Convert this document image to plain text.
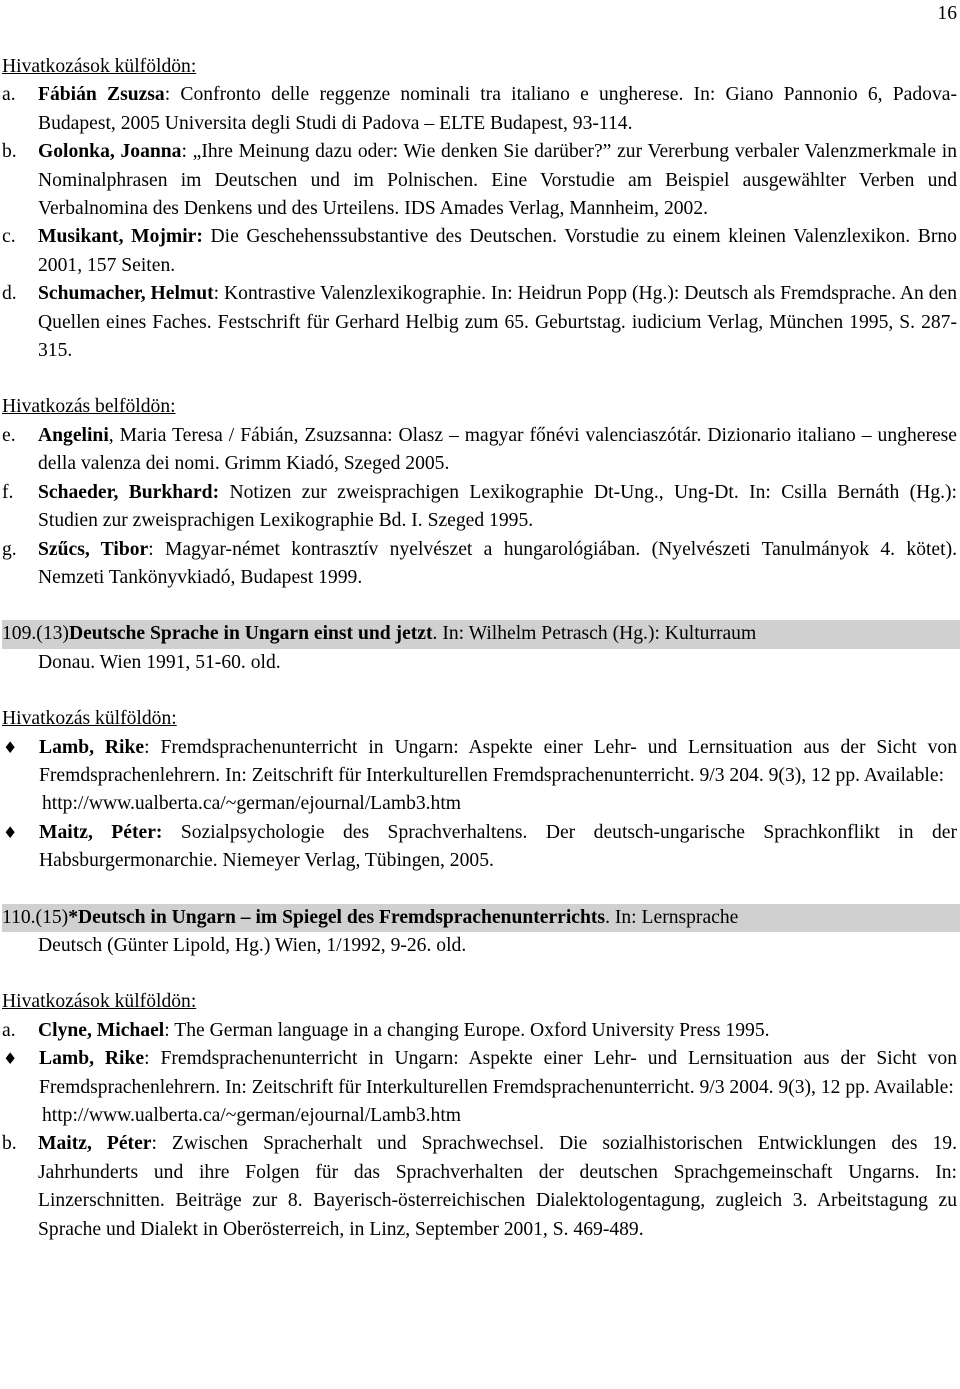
16
Hivatkozások külföldön:
a.	Fábián Zsuzsa: Confronto delle reggenze nominali tra italiano e ungherese. In: Giano Pannonio 6, Padova-Budapest, 2005 Universita degli Studi di Padova – ELTE Budapest, 93-114.
b.	Golonka, Joanna: „Ihre Meinung dazu oder: Wie denken Sie darüber?” zur Vererbung verbaler Valenzmerkmale in Nominalphrasen im Deutschen und im Polnischen. Eine Vorstudie am Beispiel ausgewählter Verben und Verbalnomina des Denkens und des Urteilens. IDS Amades Verlag, Mannheim, 2002.
c.	Musikant, Mojmir: Die Geschehenssubstantive des Deutschen. Vorstudie zu einem kleinen Valenzlexikon. Brno 2001, 157 Seiten.
d.	Schumacher, Helmut: Kontrastive Valenzlexikographie. In: Heidrun Popp (Hg.): Deutsch als Fremdsprache. An den Quellen eines Faches. Festschrift für Gerhard Helbig zum 65. Geburtstag. iudicium Verlag, München 1995, S. 287-315.
Hivatkozás belföldön:
e.	Angelini, Maria Teresa / Fábián, Zsuzsanna: Olasz – magyar főnévi valenciaszótár. Dizionario italiano – ungherese della valenza dei nomi. Grimm Kiadó, Szeged 2005.
f.	Schaeder, Burkhard: Notizen zur zweisprachigen Lexikographie Dt-Ung., Ung-Dt. In: Csilla Bernáth (Hg.): Studien zur zweisprachigen Lexikographie Bd. I. Szeged 1995.
g.	Szűcs, Tibor: Magyar-német kontrasztív nyelvészet a hungarológiában. (Nyelvészeti Tanulmányok 4. kötet). Nemzeti Tankönyvkiadó, Budapest 1999.
109.(13) Deutsche Sprache in Ungarn einst und jetzt. In: Wilhelm Petrasch (Hg.): Kulturraum
Donau. Wien 1991, 51-60. old.
Hivatkozás külföldön:
♦	Lamb, Rike: Fremdsprachenunterricht in Ungarn: Aspekte einer Lehr- und Lernsituation aus der Sicht von Fremdsprachenlehrern. In: Zeitschrift für Interkulturellen Fremdsprachenunterricht. 9/3 204. 9(3), 12 pp. Available:
http://www.ualberta.ca/~german/ejournal/Lamb3.htm
♦	Maitz, Péter: Sozialpsychologie des Sprachverhaltens. Der deutsch-ungarische Sprachkonflikt in der Habsburgermonarchie. Niemeyer Verlag, Tübingen, 2005.
110.(15) *Deutsch in Ungarn – im Spiegel des Fremdsprachenunterrichts. In: Lernsprache
Deutsch (Günter Lipold, Hg.) Wien, 1/1992, 9-26. old.
Hivatkozások külföldön:
a.	Clyne, Michael: The German language in a changing Europe. Oxford University Press 1995.
♦	Lamb, Rike: Fremdsprachenunterricht in Ungarn: Aspekte einer Lehr- und Lernsituation aus der Sicht von Fremdsprachenlehrern. In: Zeitschrift für Interkulturellen Fremdsprachenunterricht. 9/3 2004. 9(3), 12 pp. Available:
http://www.ualberta.ca/~german/ejournal/Lamb3.htm
b.	Maitz, Péter: Zwischen Spracherhalt und Sprachwechsel. Die sozialhistorischen Entwicklungen des 19. Jahrhunderts und ihre Folgen für das Sprachverhalten der deutschen Sprachgemeinschaft Ungarns. In: Linzerschnitten. Beiträge zur 8. Bayerisch-österreichischen Dialektologentagung, zugleich 3. Arbeitstagung zu Sprache und Dialekt in Oberösterreich, in Linz, September 2001, S. 469-489.
